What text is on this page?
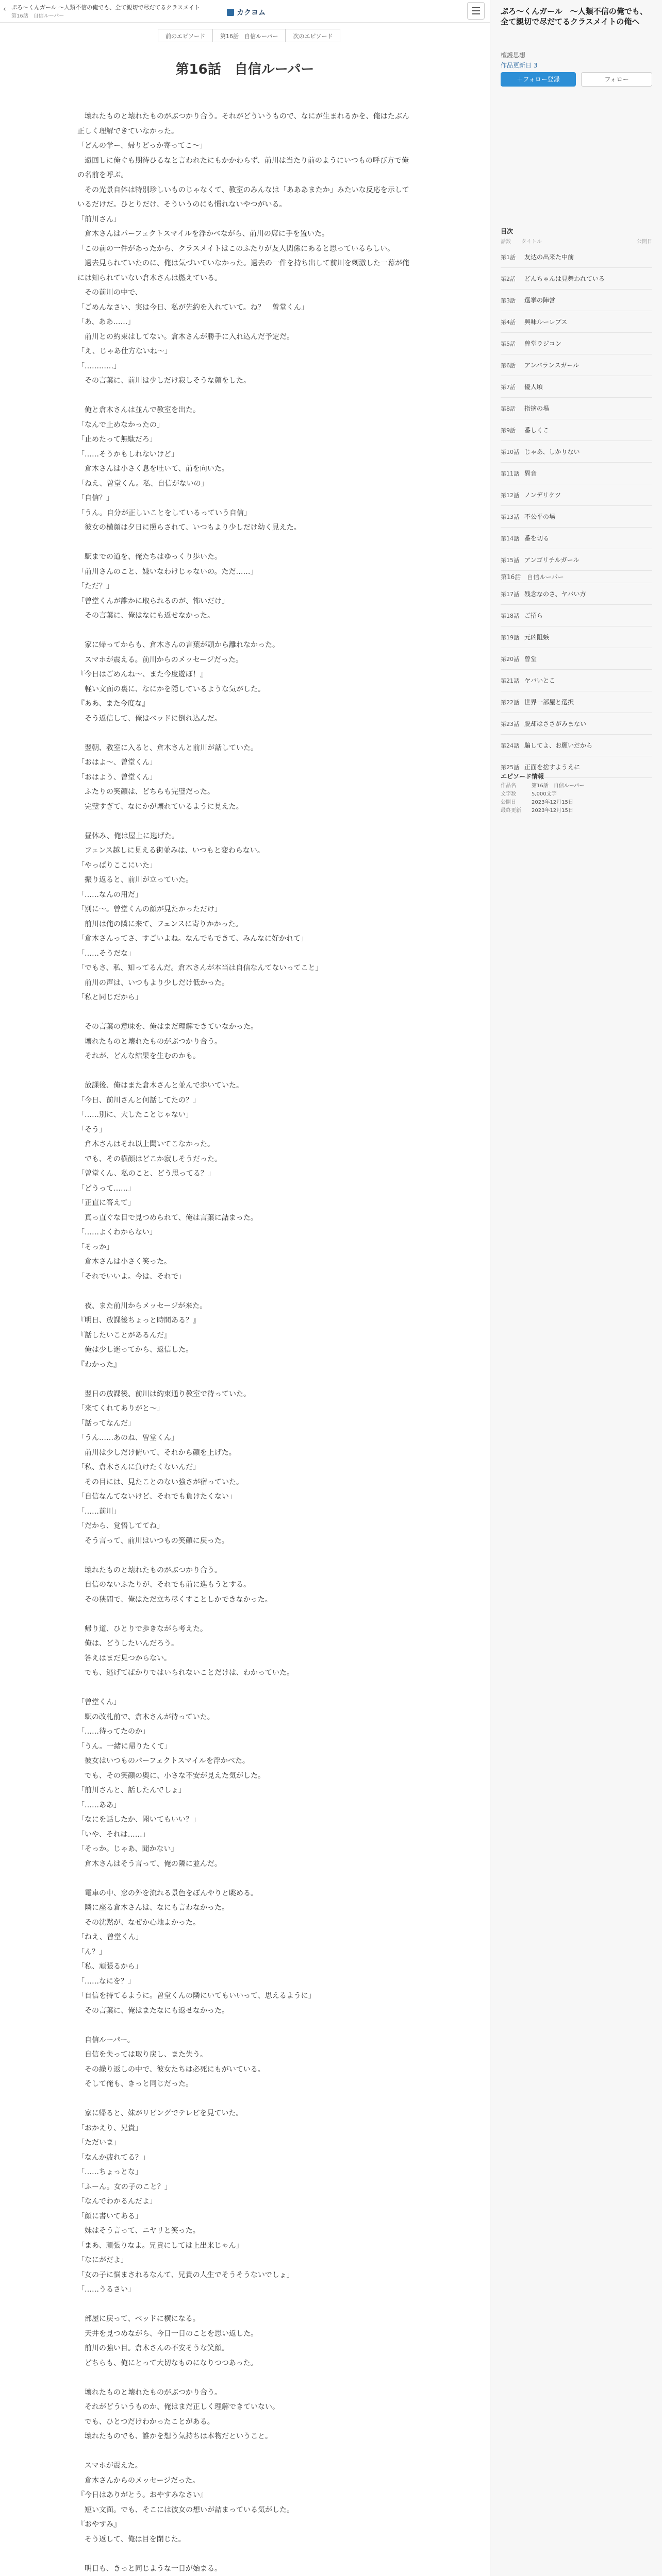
‹ ぷろ〜くんガール 〜人類不信の俺でも、全て親切で尽だてるクラスメイト
第16話　自信ルーパー	カクヨム
前のエピソード	第16話　自信ルーパー	次のエピソード
第16話　自信ルーパー

　壊れたものと壊れたものがぶつかり合う。それがどういうもので、なにが生まれるかを、俺はたぶん正しく理解できていなかった。

「どんの学ー、帰りどっか寄ってこ〜」

　遠回しに俺ぐも期待ひるなと言われたにもかかわらず、前川は当たり前のようにいつもの呼び方で俺の名前を呼ぶ。

　その光景自体は特別珍しいものじゃなくて、教室のみんなは「あああまたか」みたいな反応を示しているだけだ。ひとりだけ、そういうのにも慣れないやつがいる。

「前川さん」

　倉木さんはパーフェクトスマイルを浮かべながら、前川の席に手を置いた。

「この前の一件があったから、クラスメイトはこのふたりが友人関係にあると思っているらしい。

　過去見られていたのに、俺は気づいていなかった。過去の一件を持ち出して前川を刺激した一幕が俺には知られていない倉木さんは燃えている。

　その前川の中で、

「ごめんなさい、実は今日、私が先約を入れていて。ね？　曽堂くん」

「あ、ああ……」

　前川との約束はしてない。倉木さんが勝手に入れ込んだ予定だ。

「え、じゃあ仕方ないね〜」

「…………」

　その言葉に、前川は少しだけ寂しそうな顔をした。

　俺と倉木さんは並んで教室を出た。

「なんで止めなかったの」

「止めたって無駄だろ」

「……そうかもしれないけど」

　倉木さんは小さく息を吐いて、前を向いた。

「ねえ、曽堂くん。私、自信がないの」

「自信？」

「うん。自分が正しいことをしているっていう自信」

　彼女の横顔は夕日に照らされて、いつもより少しだけ幼く見えた。

　駅までの道を、俺たちはゆっくり歩いた。

「前川さんのこと、嫌いなわけじゃないの。ただ……」

「ただ？」

「曽堂くんが誰かに取られるのが、怖いだけ」

　その言葉に、俺はなにも返せなかった。

　家に帰ってからも、倉木さんの言葉が頭から離れなかった。

　スマホが震える。前川からのメッセージだった。

『今日はごめんね〜、また今度遊ぼ！』

　軽い文面の裏に、なにかを隠しているような気がした。

『ああ、また今度な』

　そう返信して、俺はベッドに倒れ込んだ。

　翌朝、教室に入ると、倉木さんと前川が話していた。

「おはよ〜、曽堂くん」

「おはよう、曽堂くん」

　ふたりの笑顔は、どちらも完璧だった。

　完璧すぎて、なにかが壊れているように見えた。

　昼休み、俺は屋上に逃げた。

　フェンス越しに見える街並みは、いつもと変わらない。

「やっぱりここにいた」

　振り返ると、前川が立っていた。

「……なんの用だ」

「別に〜。曽堂くんの顔が見たかっただけ」

　前川は俺の隣に来て、フェンスに寄りかかった。

「倉木さんってさ、すごいよね。なんでもできて、みんなに好かれて」

「……そうだな」

「でもさ、私、知ってるんだ。倉木さんが本当は自信なんてないってこと」

　前川の声は、いつもより少しだけ低かった。

「私と同じだから」

　その言葉の意味を、俺はまだ理解できていなかった。

　壊れたものと壊れたものがぶつかり合う。

　それが、どんな結果を生むのかも。

　放課後、俺はまた倉木さんと並んで歩いていた。

「今日、前川さんと何話してたの？」

「……別に、大したことじゃない」

「そう」

　倉木さんはそれ以上聞いてこなかった。

　でも、その横顔はどこか寂しそうだった。

「曽堂くん、私のこと、どう思ってる？」

「どうって……」

「正直に答えて」

　真っ直ぐな目で見つめられて、俺は言葉に詰まった。

「……よくわからない」

「そっか」

　倉木さんは小さく笑った。

「それでいいよ。今は、それで」

　夜、また前川からメッセージが来た。

『明日、放課後ちょっと時間ある？』

『話したいことがあるんだ』

　俺は少し迷ってから、返信した。

『わかった』

　翌日の放課後、前川は約束通り教室で待っていた。

「来てくれてありがと〜」

「話ってなんだ」

「うん……あのね、曽堂くん」

　前川は少しだけ俯いて、それから顔を上げた。

「私、倉木さんに負けたくないんだ」

　その目には、見たことのない強さが宿っていた。

「自信なんてないけど、それでも負けたくない」

「……前川」

「だから、覚悟しててね」

　そう言って、前川はいつもの笑顔に戻った。

　壊れたものと壊れたものがぶつかり合う。

　自信のないふたりが、それでも前に進もうとする。

　その狭間で、俺はただ立ち尽くすことしかできなかった。

　帰り道、ひとりで歩きながら考えた。

　俺は、どうしたいんだろう。

　答えはまだ見つからない。

　でも、逃げてばかりではいられないことだけは、わかっていた。

「曽堂くん」

　駅の改札前で、倉木さんが待っていた。

「……待ってたのか」

「うん。一緒に帰りたくて」

　彼女はいつものパーフェクトスマイルを浮かべた。

　でも、その笑顔の奥に、小さな不安が見えた気がした。

「前川さんと、話したんでしょ」

「……ああ」

「なにを話したか、聞いてもいい？」

「いや、それは……」

「そっか。じゃあ、聞かない」

　倉木さんはそう言って、俺の隣に並んだ。

　電車の中、窓の外を流れる景色をぼんやりと眺める。

　隣に座る倉木さんは、なにも言わなかった。

　その沈黙が、なぜか心地よかった。

「ねえ、曽堂くん」

「ん？」

「私、頑張るから」

「……なにを？」

「自信を持てるように。曽堂くんの隣にいてもいいって、思えるように」

　その言葉に、俺はまたなにも返せなかった。

　自信ルーパー。

　自信を失っては取り戻し、また失う。

　その繰り返しの中で、彼女たちは必死にもがいている。

　そして俺も、きっと同じだった。

　家に帰ると、妹がリビングでテレビを見ていた。

「おかえり、兄貴」

「ただいま」

「なんか疲れてる？」

「……ちょっとな」

「ふーん。女の子のこと？」

「なんでわかるんだよ」

「顔に書いてある」

　妹はそう言って、ニヤリと笑った。

「まあ、頑張りなよ。兄貴にしては上出来じゃん」

「なにがだよ」

「女の子に悩まされるなんて、兄貴の人生でそうそうないでしょ」

「……うるさい」

　部屋に戻って、ベッドに横になる。

　天井を見つめながら、今日一日のことを思い返した。

　前川の強い目。倉木さんの不安そうな笑顔。

　どちらも、俺にとって大切なものになりつつあった。

　壊れたものと壊れたものがぶつかり合う。

　それがどういうものか、俺はまだ正しく理解できていない。

　でも、ひとつだけわかったことがある。

　壊れたものでも、誰かを想う気持ちは本物だということ。

　スマホが震えた。

　倉木さんからのメッセージだった。

『今日はありがとう。おやすみなさい』

　短い文面。でも、そこには彼女の想いが詰まっている気がした。

『おやすみ』

　そう返して、俺は目を閉じた。

　明日も、きっと同じような一日が始まる。

ぷろ〜くんガール　〜人類不信の俺でも、全て親切で尽だてるクラスメイトの俺へ
檀護思想
作品更新日 3
＋フォロー登録	フォロー
目次
話数 タイトル	公開日
第1話	友达の出来た中前
第2話	どんちゃんは見舞われている
第3話	選挙の陣営
第4話	興味ルーレプス
第5話	曽堂ラジコン
第6話	アンバランスガール
第7話	優人頃
第8話	指摘の場
第9話	番しくこ
第10話 じゃあ、しかりない
第11話 異音
第12話 ノンデリケツ
第13話 不公平の場
第14話 番を切る
第15話 アンゴリチルガール
第16話　自信ルーパー
第17話 残念なのさ、ヤバい方
第18話 ご招ら
第19話 元凶阻嫉
第20話 曽堂
第21話 ヤバいとこ
第22話 世界一部屋と選択
第23話 脱却はささがみまない
第24話 騙してよ、お願いだから
第25話 正面を捨すようえに
エピソード情報
作品名	第16話　自信ルーパー
文字数	5,000文字
公開日	2023年12月15日
最終更新	2023年12月15日
